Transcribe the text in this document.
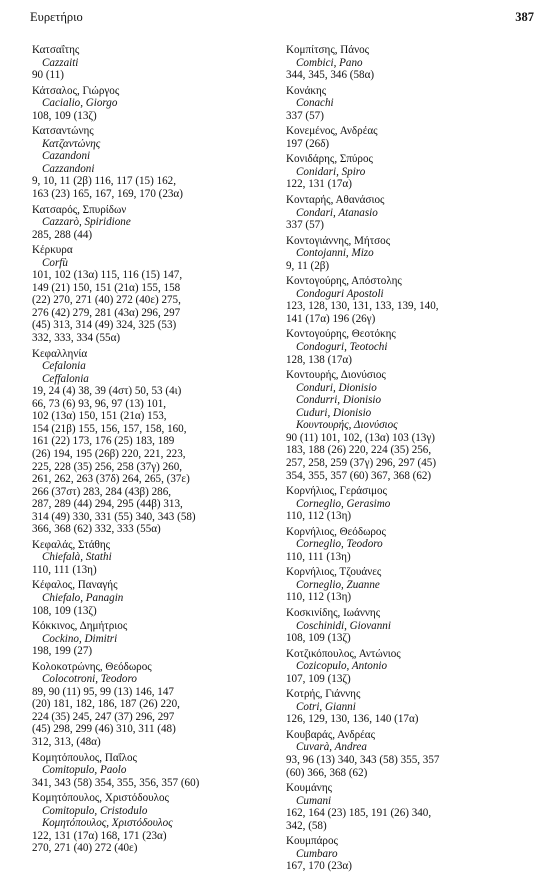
Ευρετήριο	387
Κατσαΐτης
Cazzaiti
90 (11)
Κάτσαλος, Γιώργος
Cacialio, Giorgo
108, 109 (13ζ)
Κατσαντώνης
Κατζαντώνης
Cazandoni
Cazzandoni
9, 10, 11 (2β) 116, 117 (15) 162,
163 (23) 165, 167, 169, 170 (23α)
Κατσαρός, Σπυρίδων
Cazzarò, Spiridione
285, 288 (44)
Κέρκυρα
Corfù
101, 102 (13α) 115, 116 (15) 147,
149 (21) 150, 151 (21α) 155, 158
(22) 270, 271 (40) 272 (40ε) 275,
276 (42) 279, 281 (43α) 296, 297
(45) 313, 314 (49) 324, 325 (53)
332, 333, 334 (55α)
Κεφαλληνία
Cefalonia
Ceffalonia
19, 24 (4) 38, 39 (4στ) 50, 53 (4ι)
66, 73 (6) 93, 96, 97 (13) 101,
102 (13α) 150, 151 (21α) 153,
154 (21β) 155, 156, 157, 158, 160,
161 (22) 173, 176 (25) 183, 189
(26) 194, 195 (26β) 220, 221, 223,
225, 228 (35) 256, 258 (37γ) 260,
261, 262, 263 (37δ) 264, 265, (37ε)
266 (37στ) 283, 284 (43β) 286,
287, 289 (44) 294, 295 (44β) 313,
314 (49) 330, 331 (55) 340, 343 (58)
366, 368 (62) 332, 333 (55α)
Κεφαλάς, Στάθης
Chiefalà, Stathi
110, 111 (13η)
Κέφαλος, Παναγής
Chiefalo, Panagin
108, 109 (13ζ)
Κόκκινος, Δημήτριος
Cockino, Dimitri
198, 199 (27)
Κολοκοτρώνης, Θεόδωρος
Colocotroni, Teodoro
89, 90 (11) 95, 99 (13) 146, 147
(20) 181, 182, 186, 187 (26) 220,
224 (35) 245, 247 (37) 296, 297
(45) 298, 299 (46) 310, 311 (48)
312, 313, (48α)
Κομητόπουλος, Παΐλος
Comitopulo, Paolo
341, 343 (58) 354, 355, 356, 357 (60)
Κομητόπουλος, Χριστόδουλος
Comitopulo, Cristodulo
Κομητόπουλος, Χριστόδουλος
122, 131 (17α) 168, 171 (23α)
270, 271 (40) 272 (40ε)
Κομπίτσης, Πάνος
Combici, Pano
344, 345, 346 (58α)
Κονάκης
Conachi
337 (57)
Κονεμένος, Ανδρέας
197 (26δ)
Κονιδάρης, Σπύρος
Conidari, Spiro
122, 131 (17α)
Κονταρής, Αθανάσιος
Condari, Atanasio
337 (57)
Κοντογιάννης, Μήτσος
Contojanni, Mizo
9, 11 (2β)
Κοντογούρης, Απόστολης
Condoguri Apostoli
123, 128, 130, 131, 133, 139, 140,
141 (17α) 196 (26γ)
Κοντογούρης, Θεοτόκης
Condoguri, Teotochi
128, 138 (17α)
Κοντουρής, Διονύσιος
Conduri, Dionisio
Condurri, Dionisio
Cuduri, Dionisio
Κουντουρής, Διονύσιος
90 (11) 101, 102, (13α) 103 (13γ)
183, 188 (26) 220, 224 (35) 256,
257, 258, 259 (37γ) 296, 297 (45)
354, 355, 357 (60) 367, 368 (62)
Κορνήλιος, Γεράσιμος
Corneglio, Gerasimo
110, 112 (13η)
Κορνήλιος, Θεόδωρος
Corneglio, Teodoro
110, 111 (13η)
Κορνήλιος, Τζουάνες
Corneglio, Zuanne
110, 112 (13η)
Κοσκινίδης, Ιωάννης
Coschinidi, Giovanni
108, 109 (13ζ)
Κοτζικόπουλος, Αντώνιος
Cozicopulo, Antonio
107, 109 (13ζ)
Κοτρής, Γιάννης
Cotri, Gianni
126, 129, 130, 136, 140 (17α)
Κουβαράς, Ανδρέας
Cuvarà, Andrea
93, 96 (13) 340, 343 (58) 355, 357
(60) 366, 368 (62)
Κουμάνης
Cumani
162, 164 (23) 185, 191 (26) 340,
342, (58)
Κουμπάρος
Cumbaro
167, 170 (23α)
